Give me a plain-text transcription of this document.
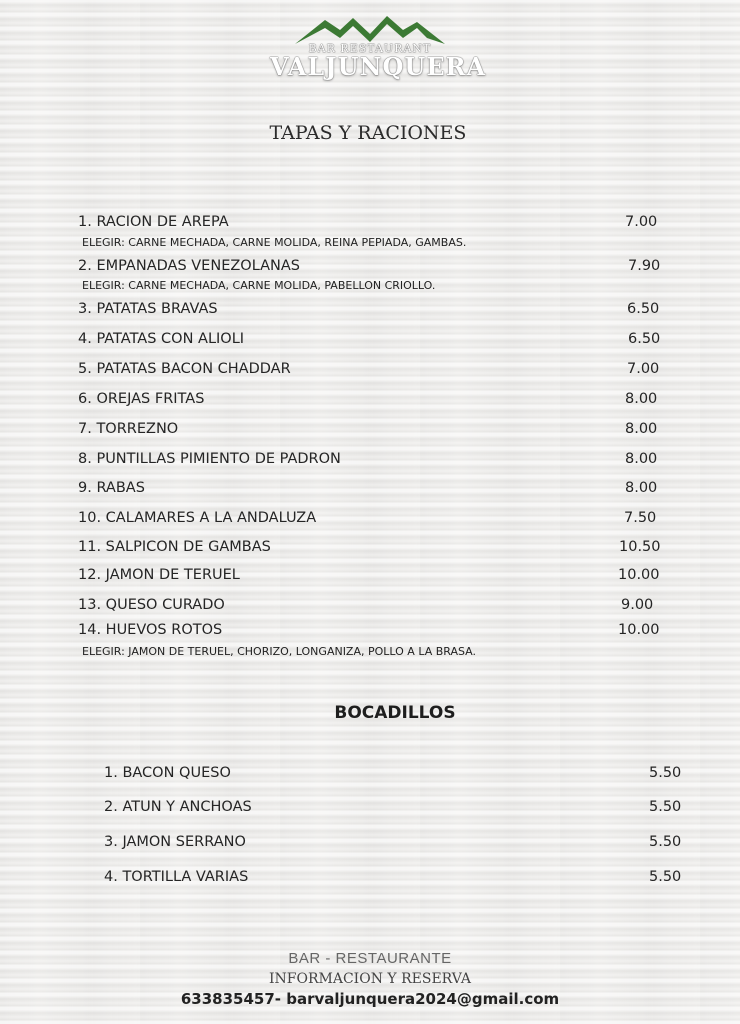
BAR RESTAURANT
VALJUNQUERA
TAPAS Y RACIONES
1. RACION DE AREPA	7.00
ELEGIR: CARNE MECHADA, CARNE MOLIDA, REINA PEPIADA, GAMBAS.
2. EMPANADAS VENEZOLANAS	7.90
ELEGIR: CARNE MECHADA, CARNE MOLIDA, PABELLON CRIOLLO.
3. PATATAS BRAVAS	6.50
4. PATATAS CON ALIOLI	6.50
5. PATATAS BACON CHADDAR	7.00
6. OREJAS FRITAS	8.00
7. TORREZNO	8.00
8. PUNTILLAS PIMIENTO DE PADRON	8.00
9. RABAS	8.00
10. CALAMARES A LA ANDALUZA	7.50
11. SALPICON DE GAMBAS	10.50
12. JAMON DE TERUEL	10.00
13. QUESO CURADO	9.00
14. HUEVOS ROTOS	10.00
ELEGIR: JAMON DE TERUEL, CHORIZO, LONGANIZA, POLLO A LA BRASA.
BOCADILLOS
1. BACON QUESO	5.50
2. ATUN Y ANCHOAS	5.50
3. JAMON SERRANO	5.50
4. TORTILLA VARIAS	5.50
BAR - RESTAURANTE
INFORMACION Y RESERVA
633835457- barvaljunquera2024@gmail.com
